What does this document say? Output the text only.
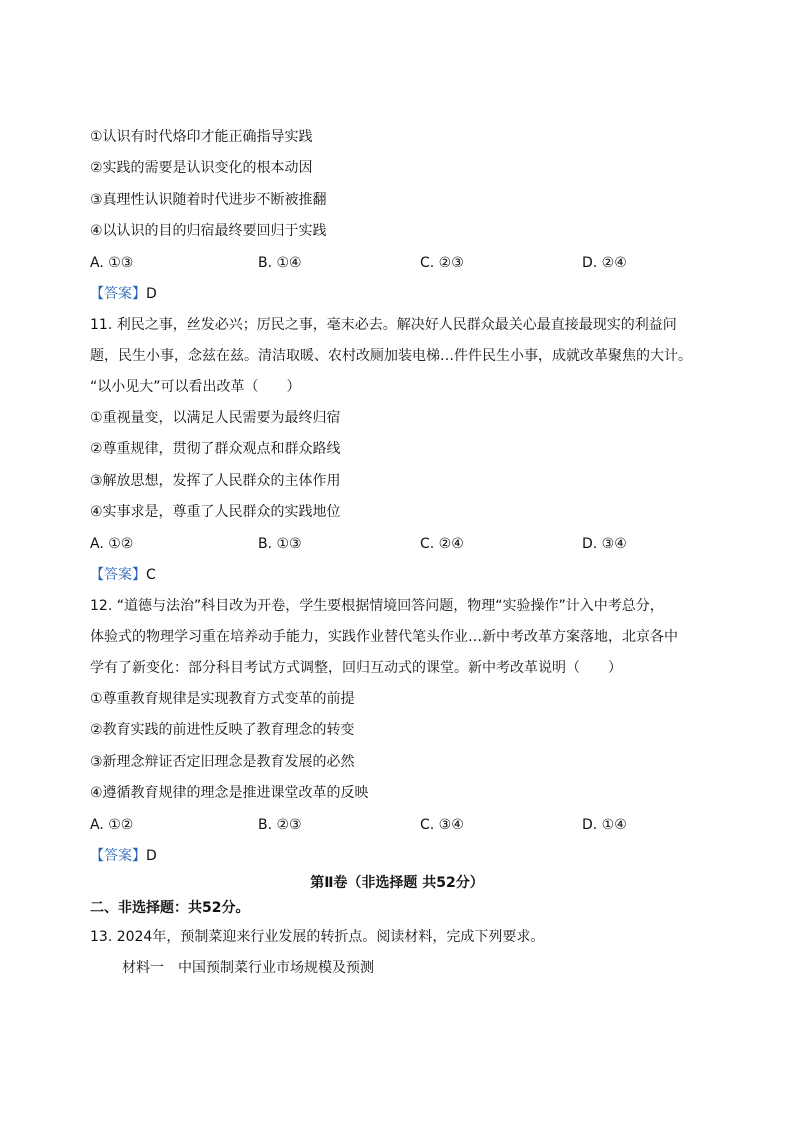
①认识有时代烙印才能正确指导实践
②实践的需要是认识变化的根本动因
③真理性认识随着时代进步不断被推翻
④以认识的目的归宿最终要回归于实践
A. ①③	B. ①④	C. ②③	D. ②④
【答案】D
11. 利民之事，丝发必兴；厉民之事，毫末必去。解决好人民群众最关心最直接最现实的利益问
题，民生小事，念兹在兹。清洁取暖、农村改厕加装电梯…件件民生小事，成就改革聚焦的大计。
“以小见大”可以看出改革（　　）
①重视量变，以满足人民需要为最终归宿
②尊重规律，贯彻了群众观点和群众路线
③解放思想，发挥了人民群众的主体作用
④实事求是，尊重了人民群众的实践地位
A. ①②	B. ①③	C. ②④	D. ③④
【答案】C
12. “道德与法治”科目改为开卷，学生要根据情境回答问题，物理“实验操作”计入中考总分，
体验式的物理学习重在培养动手能力，实践作业替代笔头作业…新中考改革方案落地，北京各中
学有了新变化：部分科目考试方式调整，回归互动式的课堂。新中考改革说明（　　）
①尊重教育规律是实现教育方式变革的前提
②教育实践的前进性反映了教育理念的转变
③新理念辩证否定旧理念是教育发展的必然
④遵循教育规律的理念是推进课堂改革的反映
A. ①②	B. ②③	C. ③④	D. ①④
【答案】D
第Ⅱ卷（非选择题 共52分）
二、非选择题：共52分。
13. 2024年，预制菜迎来行业发展的转折点。阅读材料，完成下列要求。
材料一　中国预制菜行业市场规模及预测
